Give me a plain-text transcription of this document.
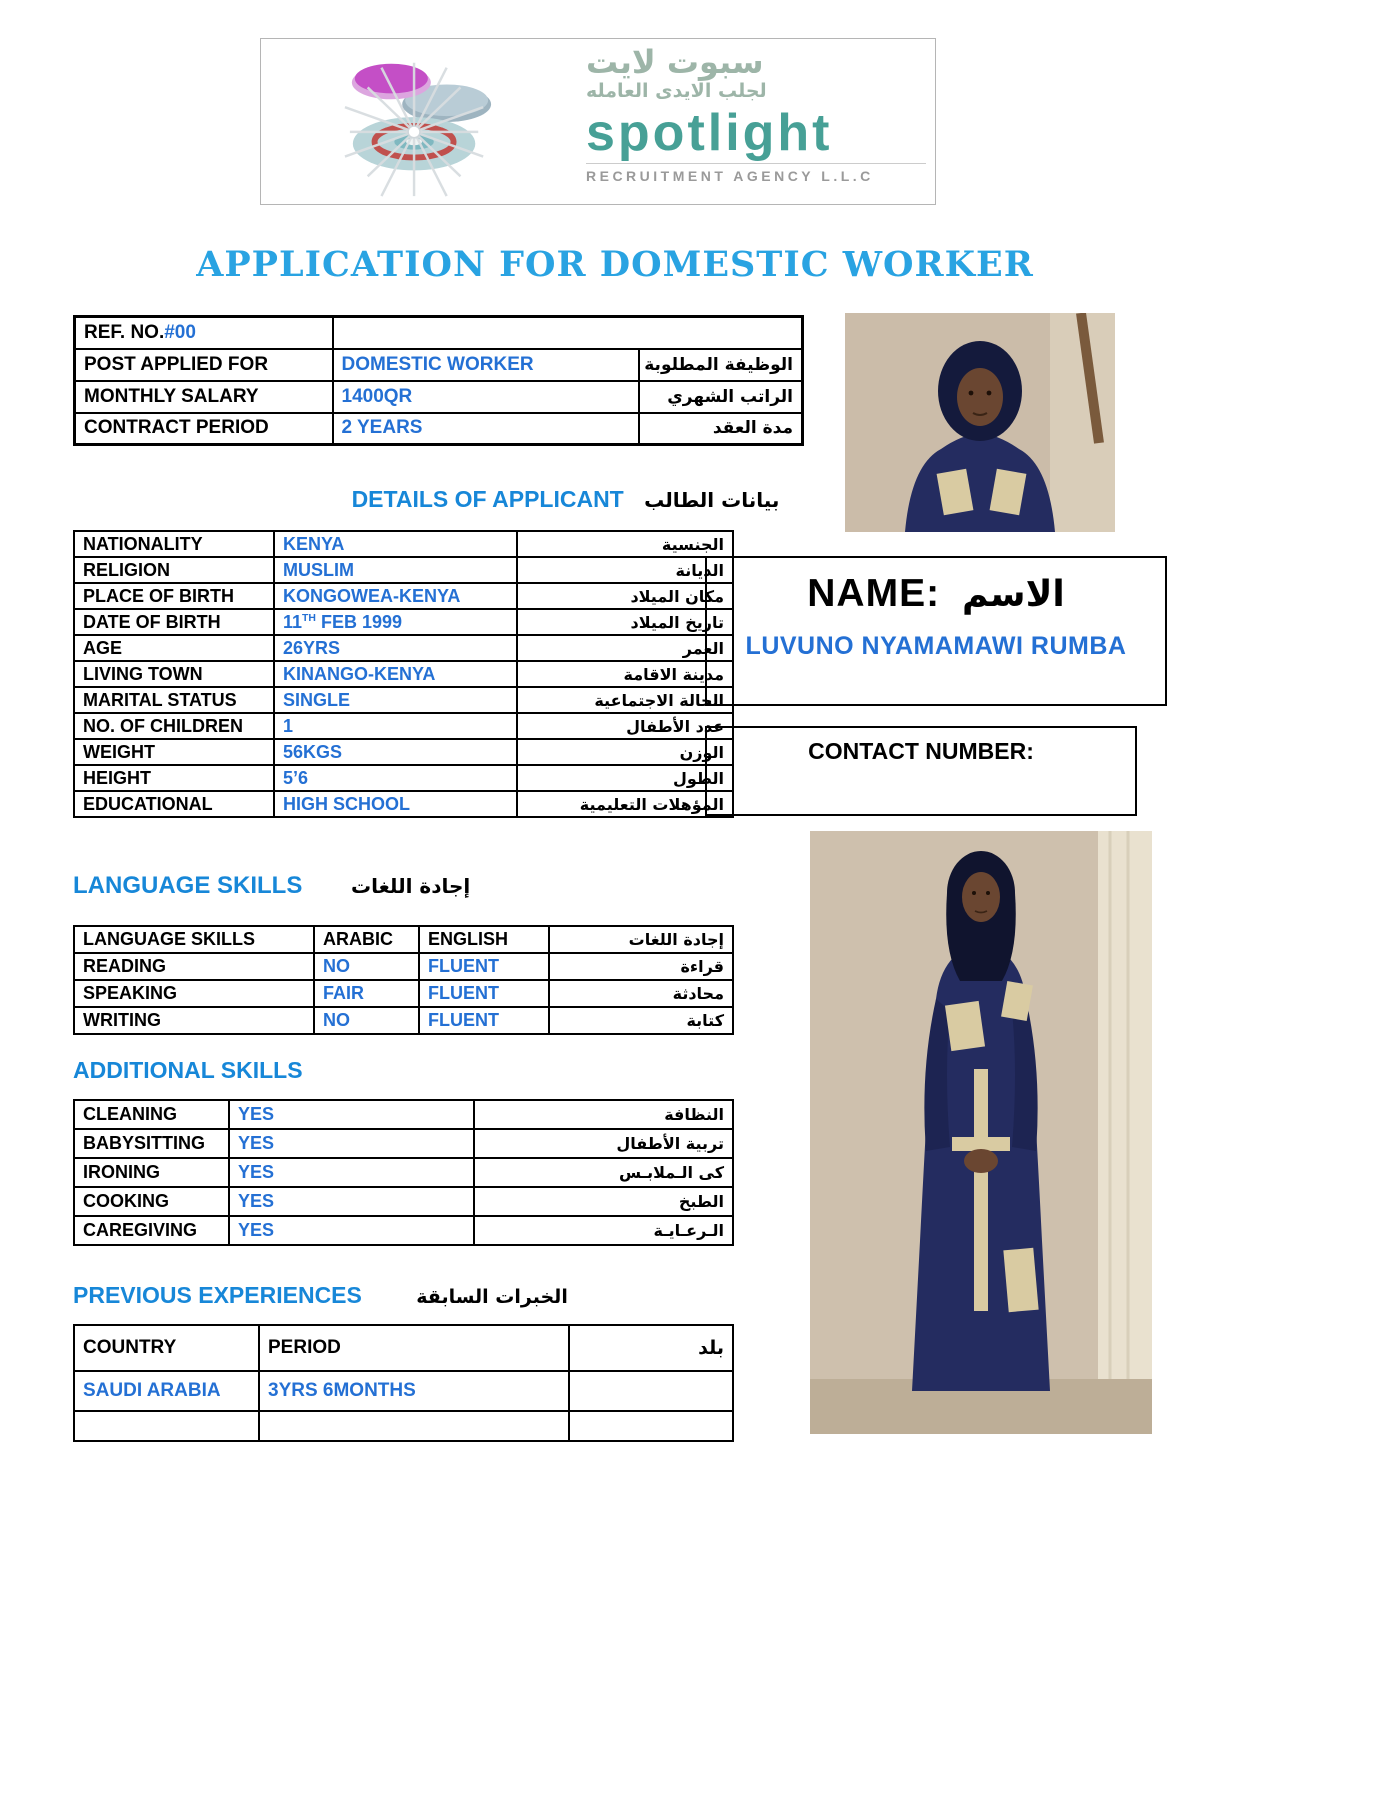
سبوت لايت
لجلب الايدى العامله
spotlight
RECRUITMENT AGENCY L.L.C
APPLICATION FOR DOMESTIC WORKER
REF. NO.#00		
POST APPLIED FOR	DOMESTIC WORKER	الوظيفة المطلوبة
MONTHLY SALARY	1400QR	الراتب الشهري
CONTRACT PERIOD	2 YEARS	مدة العقد
DETAILS OF APPLICANT بيانات الطالب
NATIONALITY	KENYA	الجنسية
RELIGION	MUSLIM	الديانة
PLACE OF BIRTH	KONGOWEA-KENYA	مكان الميلاد
DATE OF BIRTH	11TH FEB 1999	تاريخ الميلاد
AGE	26YRS	العمر
LIVING TOWN	KINANGO-KENYA	مدينة الاقامة
MARITAL STATUS	SINGLE	الحالة الاجتماعية
NO. OF CHILDREN	1	عدد الأطفال
WEIGHT	56KGS	الوزن
HEIGHT	5’6	الطول
EDUCATIONAL	HIGH SCHOOL	المؤهلات التعليمية
NAME: الاسم
LUVUNO NYAMAMAWI RUMBA
CONTACT NUMBER:
LANGUAGE SKILLS إجادة اللغات
LANGUAGE SKILLS	ARABIC	ENGLISH	إجادة اللغات
READING	NO	FLUENT	قراءة
SPEAKING	FAIR	FLUENT	محادثة
WRITING	NO	FLUENT	كتابة
ADDITIONAL SKILLS
CLEANING	YES	النظافة
BABYSITTING	YES	تربية الأطفال
IRONING	YES	كى الـملابـس
COOKING	YES	الطبخ
CAREGIVING	YES	الـرعـايـة
PREVIOUS EXPERIENCES	الخبرات السابقة
COUNTRY	PERIOD	بلد
SAUDI ARABIA	3YRS 6MONTHS	
